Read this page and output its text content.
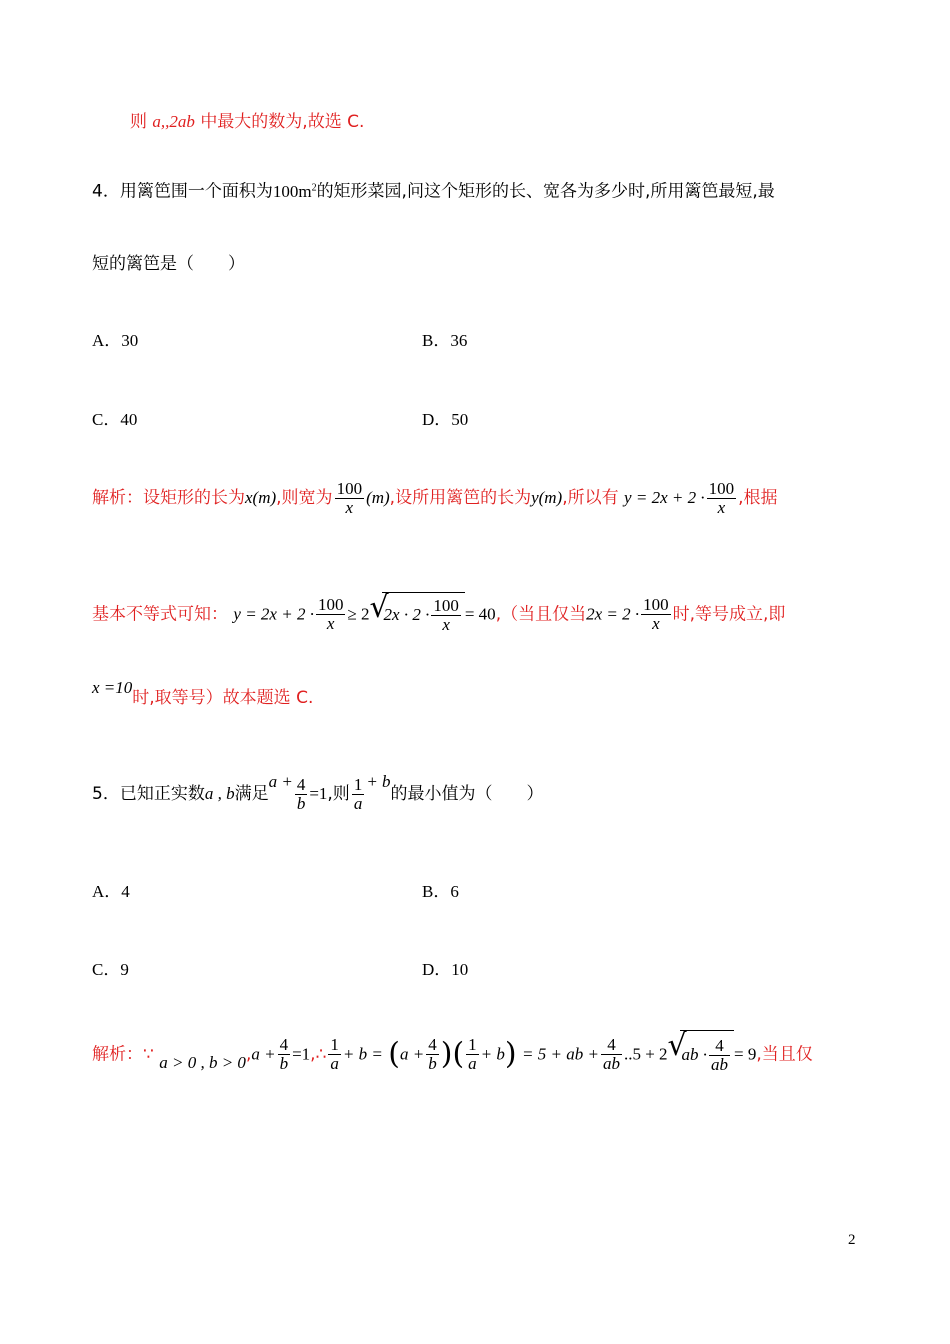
则 a,,2ab 中最大的数为,故选 C.
4．用篱笆围一个面积为$100m^2$的矩形菜园,问这个矩形的长、宽各为多少时,所用篱笆最短,最
短的篱笆是（　　）
A．30	B．36
C．40	D．50
解析：设矩形的长为x(m),则宽为 $\frac{100}{x} (m)$,设所用篱笆的长为y(m),所以有 $y = 2x + 2 \cdot \frac{100}{x}$ ,根据
基本不等式可知： $y = 2x + 2 \cdot \frac{100}{x} \ge 2$ √
$2x \cdot 2 \cdot \frac{100}{x} = 40$,（当且仅当$2x = 2 \cdot \frac{100}{x}$ 时,等号成立,即
x =10时,取等号）故本题选 C.
5．已知正实数a , b满足$a + \frac{4}{b} =1$,则 $\frac{1}{a} + b$的最小值为（　　）
A．4	B．6
C．9	D．10
解析：∵ a > 0 , $b > 0,a + \frac{4}{b}$ =1,∴ $\frac{1}{a} + b = (a + \frac{4}{b}$ )( $\frac{1}{a} + b) = 5$ + ab + $\frac{4}{ab} ..5 + 2$ √
ab · $\frac{4}{ab} = 9$,当且仅
2
